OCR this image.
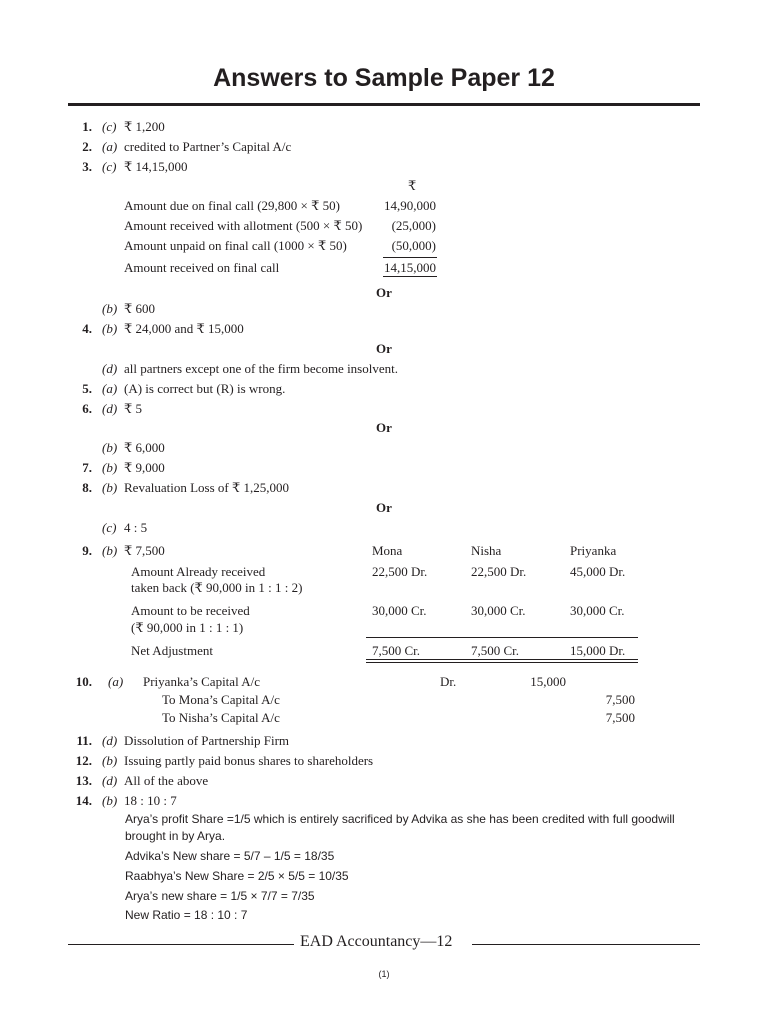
Answers to Sample Paper 12
1. (c) ₹ 1,200
2. (a) credited to Partner’s Capital A/c
3. (c) ₹ 14,15,000
₹
Amount due on final call (29,800 × ₹ 50)	14,90,000
Amount received with allotment (500 × ₹ 50)	(25,000)
Amount unpaid on final call (1000 × ₹ 50)	(50,000)
Amount received on final call	14,15,000
Or
(b) ₹ 600
4. (b) ₹ 24,000 and ₹ 15,000
Or
(d) all partners except one of the firm become insolvent.
5. (a) (A) is correct but (R) is wrong.
6. (d) ₹ 5
Or
(b) ₹ 6,000
7. (b) ₹ 9,000
8. (b) Revaluation Loss of ₹ 1,25,000
Or
(c) 4 : 5
9. (b) ₹ 7,500	Mona	Nisha	Priyanka
Amount Already received
taken back (₹ 90,000 in 1 : 1 : 2)
22,500 Dr.	22,500 Dr.	45,000 Dr.
Amount to be received
(₹ 90,000 in 1 : 1 : 1)
30,000 Cr.	30,000 Cr.	30,000 Cr.
Net Adjustment	7,500 Cr.	7,500 Cr.	15,000 Dr.
10. (a) Priyanka’s Capital A/c	Dr.	15,000
To Mona’s Capital A/c	7,500
To Nisha’s Capital A/c	7,500
11. (d) Dissolution of Partnership Firm
12. (b) Issuing partly paid bonus shares to shareholders
13. (d) All of the above
14. (b) 18 : 10 : 7
Arya’s profit Share =1/5 which is entirely sacrificed by Advika as she has been credited with full goodwill
brought in by Arya.
Advika’s New share = 5/7 – 1/5 = 18/35
Raabhya’s New Share = 2/5 × 5/5 = 10/35
Arya’s new share = 1/5 × 7/7 = 7/35
New Ratio = 18 : 10 : 7
EAD Accountancy—12
(1)
